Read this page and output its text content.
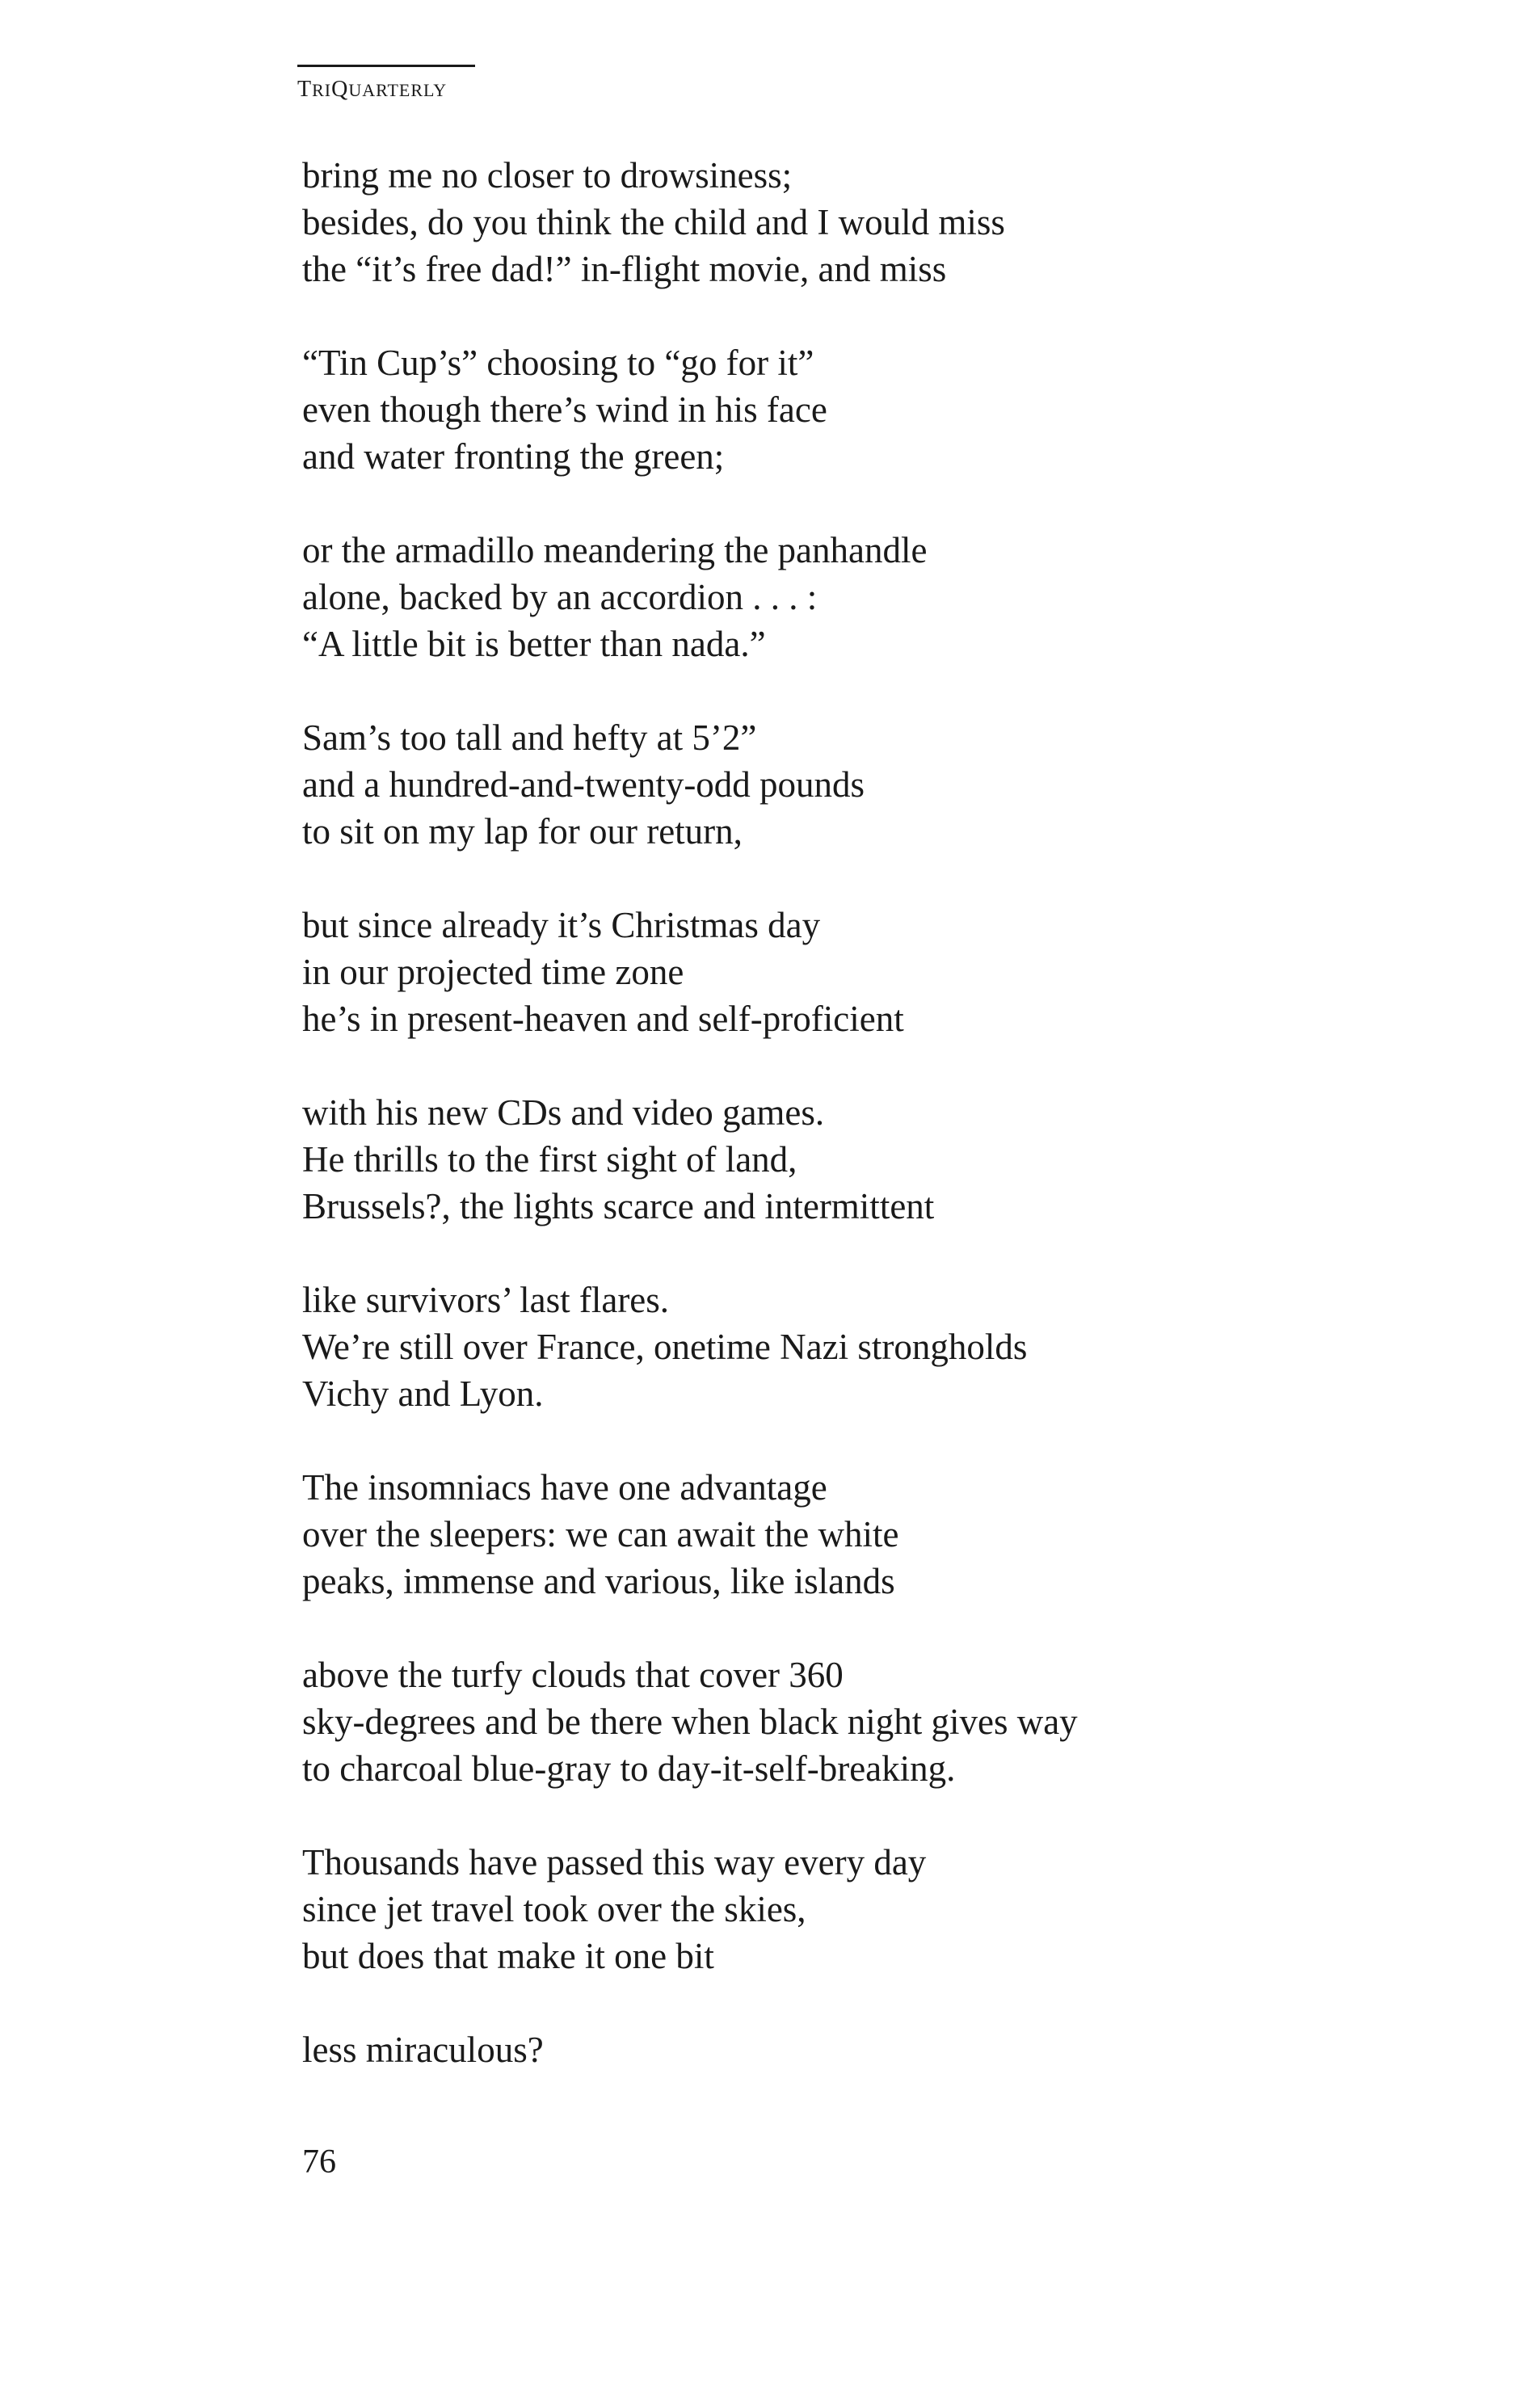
TRIQUARTERLY
bring me no closer to drowsiness;
besides, do you think the child and I would miss
the “it’s free dad!” in-flight movie, and miss
“Tin Cup’s” choosing to “go for it”
even though there’s wind in his face
and water fronting the green;
or the armadillo meandering the panhandle
alone, backed by an accordion . . . :
“A little bit is better than nada.”
Sam’s too tall and hefty at 5’2”
and a hundred-and-twenty-odd pounds
to sit on my lap for our return,
but since already it’s Christmas day
in our projected time zone
he’s in present-heaven and self-proficient
with his new CDs and video games.
He thrills to the first sight of land,
Brussels?, the lights scarce and intermittent
like survivors’ last flares.
We’re still over France, onetime Nazi strongholds
Vichy and Lyon.
The insomniacs have one advantage
over the sleepers: we can await the white
peaks, immense and various, like islands
above the turfy clouds that cover 360
sky-degrees and be there when black night gives way
to charcoal blue-gray to day-it-self-breaking.
Thousands have passed this way every day
since jet travel took over the skies,
but does that make it one bit
less miraculous?
76
